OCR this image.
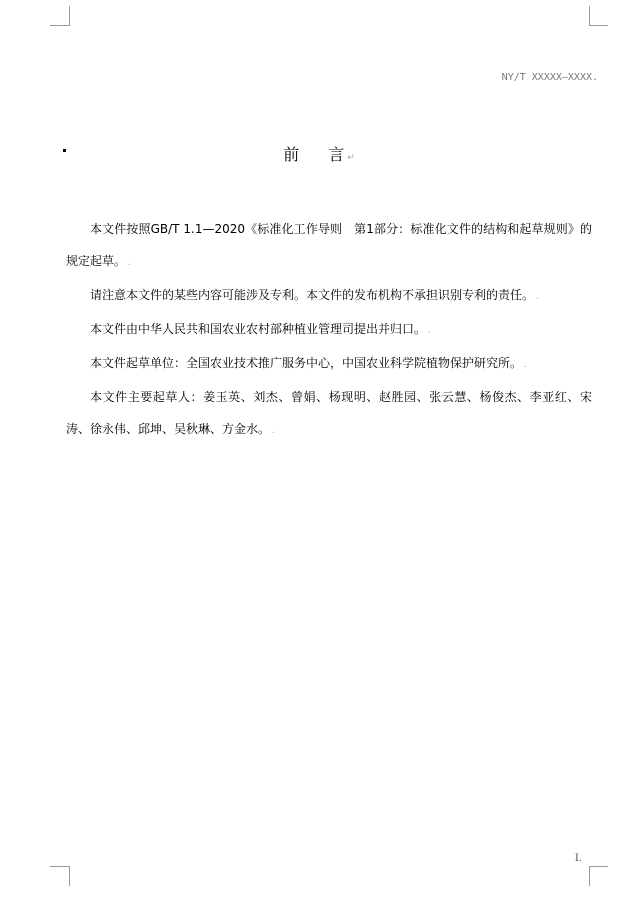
NY/T XXXXX—XXXX.
前 言 ↵

本文件按照GB/T 1.1—2020《标准化工作导则　第1部分：标准化文件的结构和起草规则》的规定起草。 .

请注意本文件的某些内容可能涉及专利。本文件的发布机构不承担识别专利的责任。 .

本文件由中华人民共和国农业农村部种植业管理司提出并归口。 .

本文件起草单位：全国农业技术推广服务中心，中国农业科学院植物保护研究所。 .

本文件主要起草人：姜玉英、刘杰、曾娟、杨现明、赵胜园、张云慧、杨俊杰、李亚红、宋涛、徐永伟、邱坤、吴秋琳、方金水。 .

I.
